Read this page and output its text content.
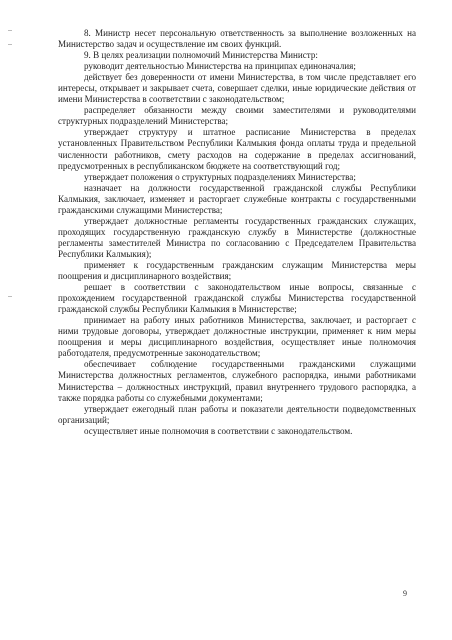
8. Министр несет персональную ответственность за выполнение возложенных на Министерство задач и осуществление им своих функций.

9. В целях реализации полномочий Министерства Министр:

руководит деятельностью Министерства на принципах единоначалия;

действует без доверенности от имени Министерства, в том числе представляет его интересы, открывает и закрывает счета, совершает сделки, иные юридические действия от имени Министерства в соответствии с законодательством;

распределяет обязанности между своими заместителями и руководителями структурных подразделений Министерства;

утверждает структуру и штатное расписание Министерства в пределах установленных Правительством Республики Калмыкия фонда оплаты труда и предельной численности работников, смету расходов на содержание в пределах ассигнований, предусмотренных в республиканском бюджете на соответствующий год;

утверждает положения о структурных подразделениях Министерства;

назначает на должности государственной гражданской службы Республики Калмыкия, заключает, изменяет и расторгает служебные контракты с государственными гражданскими служащими Министерства;

утверждает должностные регламенты государственных гражданских служащих, проходящих государственную гражданскую службу в Министерстве (должностные регламенты заместителей Министра по согласованию с Председателем Правительства Республики Калмыкия);

применяет к государственным гражданским служащим Министерства меры поощрения и дисциплинарного воздействия;

решает в соответствии с законодательством иные вопросы, связанные с прохождением государственной гражданской службы Министерства государственной гражданской службы Республики Калмыкия в Министерстве;

принимает на работу иных работников Министерства, заключает, и расторгает с ними трудовые договоры, утверждает должностные инструкции, применяет к ним меры поощрения и меры дисциплинарного воздействия, осуществляет иные полномочия работодателя, предусмотренные законодательством;

обеспечивает соблюдение государственными гражданскими служащими Министерства должностных регламентов, служебного распорядка, иными работниками Министерства – должностных инструкций, правил внутреннего трудового распорядка, а также порядка работы со служебными документами;

утверждает ежегодный план работы и показатели деятельности подведомственных организаций;

осуществляет иные полномочия в соответствии с законодательством.

9
